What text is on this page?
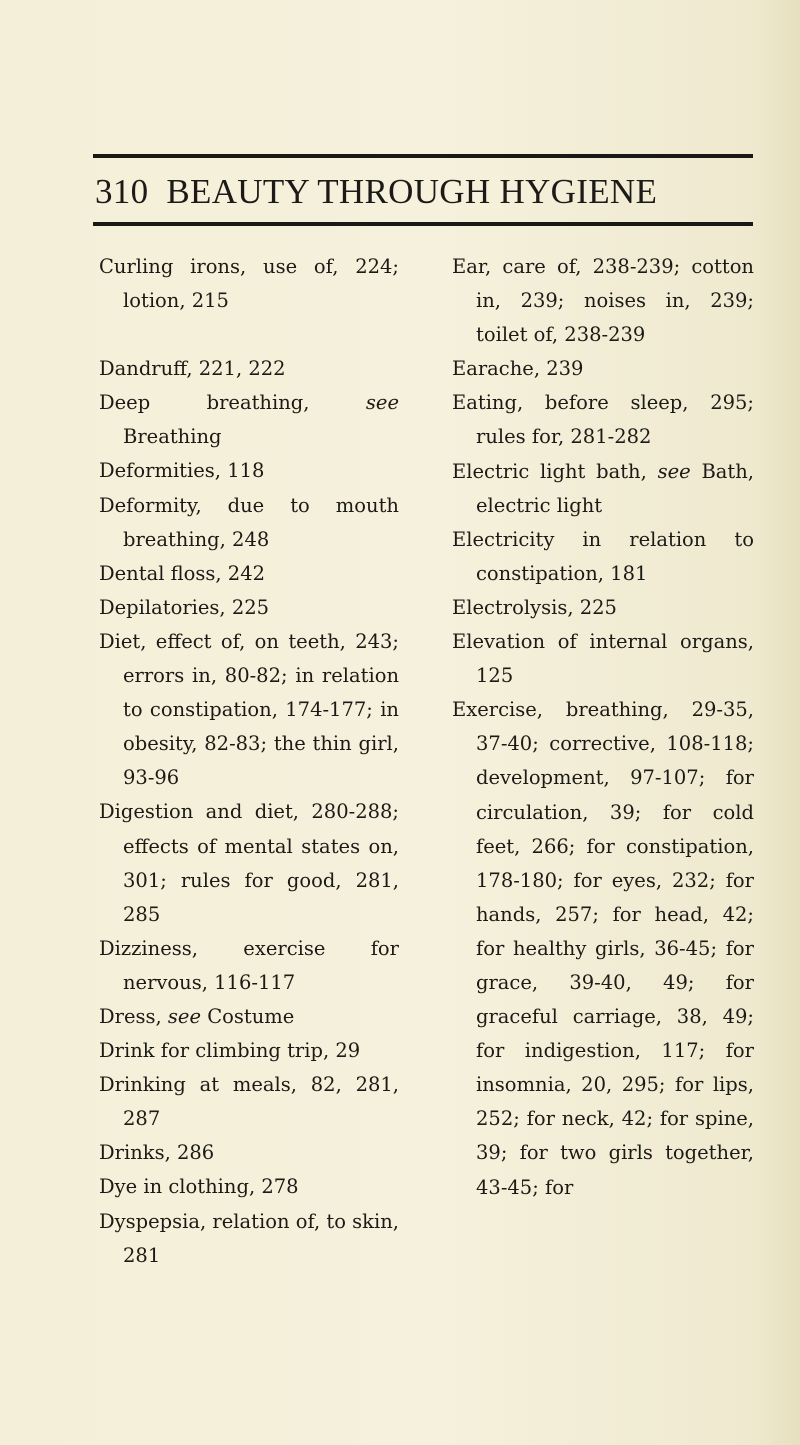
310 BEAUTY THROUGH HYGIENE
Curling irons, use of, 224; lotion, 215
Dandruff, 221, 222
Deep breathing,	see Breathing
Deformities, 118
Deformity, due to mouth breathing, 248
Dental floss, 242
Depilatories, 225
Diet, effect of, on teeth, 243; errors in, 80-82; in relation to constipation, 174-177; in obesity, 82-83; the thin girl, 93-96
Digestion and diet, 280-288; effects of mental states on, 301; rules for good, 281, 285
Dizziness, exercise for nervous, 116-117
Dress, see Costume
Drink for climbing trip, 29
Drinking at meals, 82, 281, 287
Drinks, 286
Dye in clothing, 278
Dyspepsia, relation of, to skin, 281
Ear, care of, 238-239; cotton in, 239; noises in, 239; toilet of, 238-239
Earache, 239
Eating, before sleep, 295; rules for, 281-282
Electric light bath, see Bath, electric light
Electricity in relation to constipation, 181
Electrolysis, 225
Elevation of internal organs, 125
Exercise, breathing, 29-35, 37-40; corrective, 108-118; development, 97-107; for circulation, 39; for cold feet, 266; for constipation, 178-180; for eyes, 232; for hands, 257; for head, 42; for healthy girls, 36-45; for grace, 39-40, 49; for graceful carriage, 38, 49; for indigestion, 117; for insomnia, 20, 295; for lips, 252; for neck, 42; for spine, 39; for two girls together, 43-45; for
